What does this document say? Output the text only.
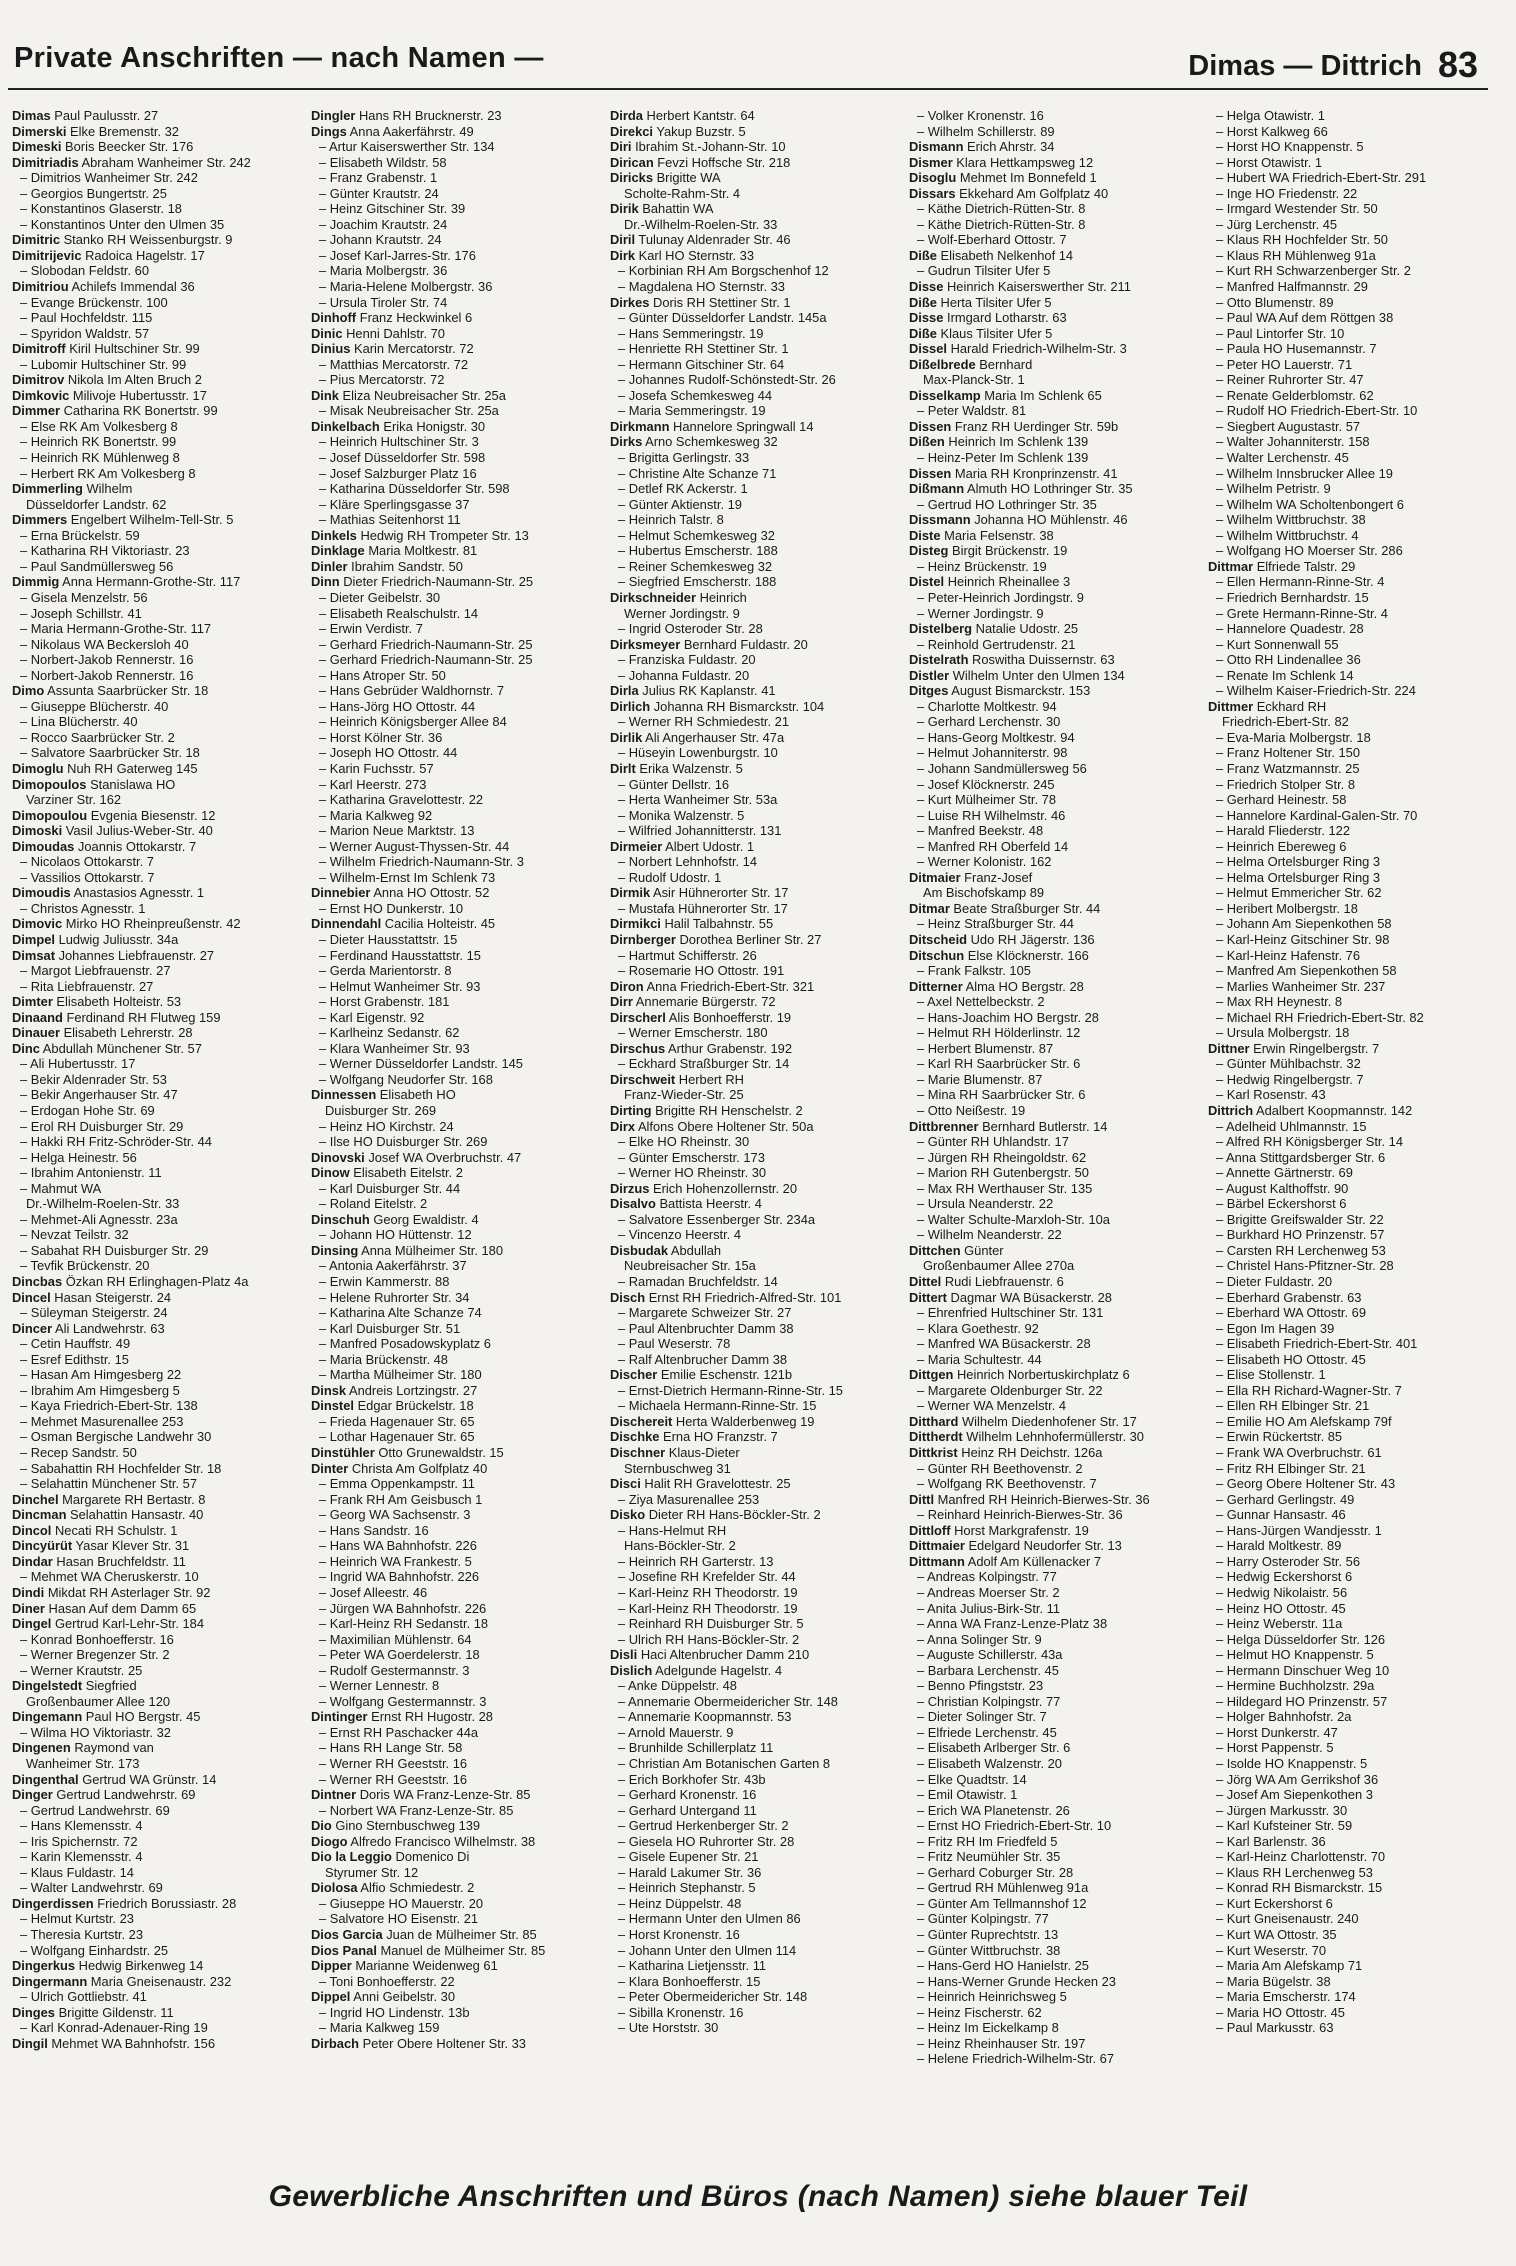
Private Anschriften — nach Namen —	Dimas — Dittrich 83
Dimas Paul Paulusstr. 27
Dimerski Elke Bremenstr. 32
Dimeski Boris Beecker Str. 176
Dimitriadis Abraham Wanheimer Str. 242
– Dimitrios Wanheimer Str. 242
– Georgios Bungertstr. 25
– Konstantinos Glaserstr. 18
– Konstantinos Unter den Ulmen 35
Dimitric Stanko RH Weissenburgstr. 9
Dimitrijevic Radoica Hagelstr. 17
– Slobodan Feldstr. 60
Dimitriou Achilefs Immendal 36
– Evange Brückenstr. 100
– Paul Hochfeldstr. 115
– Spyridon Waldstr. 57
Dimitroff Kiril Hultschiner Str. 99
– Lubomir Hultschiner Str. 99
Dimitrov Nikola Im Alten Bruch 2
Dimkovic Milivoje Hubertusstr. 17
Dimmer Catharina RK Bonertstr. 99
– Else RK Am Volkesberg 8
– Heinrich RK Bonertstr. 99
– Heinrich RK Mühlenweg 8
– Herbert RK Am Volkesberg 8
Dimmerling Wilhelm
Düsseldorfer Landstr. 62
Dimmers Engelbert Wilhelm-Tell-Str. 5
– Erna Brückelstr. 59
– Katharina RH Viktoriastr. 23
– Paul Sandmüllersweg 56
Dimmig Anna Hermann-Grothe-Str. 117
– Gisela Menzelstr. 56
– Joseph Schillstr. 41
– Maria Hermann-Grothe-Str. 117
– Nikolaus WA Beckersloh 40
– Norbert-Jakob Rennerstr. 16
– Norbert-Jakob Rennerstr. 16
Dimo Assunta Saarbrücker Str. 18
– Giuseppe Blücherstr. 40
– Lina Blücherstr. 40
– Rocco Saarbrücker Str. 2
– Salvatore Saarbrücker Str. 18
Dimoglu Nuh RH Gaterweg 145
Dimopoulos Stanislawa HO
Varziner Str. 162
Dimopoulou Evgenia Biesenstr. 12
Dimoski Vasil Julius-Weber-Str. 40
Dimoudas Joannis Ottokarstr. 7
– Nicolaos Ottokarstr. 7
– Vassilios Ottokarstr. 7
Dimoudis Anastasios Agnesstr. 1
– Christos Agnesstr. 1
Dimovic Mirko HO Rheinpreußenstr. 42
Dimpel Ludwig Juliusstr. 34a
Dimsat Johannes Liebfrauenstr. 27
– Margot Liebfrauenstr. 27
– Rita Liebfrauenstr. 27
Dimter Elisabeth Holteistr. 53
Dinaand Ferdinand RH Flutweg 159
Dinauer Elisabeth Lehrerstr. 28
Dinc Abdullah Münchener Str. 57
– Ali Hubertusstr. 17
– Bekir Aldenrader Str. 53
– Bekir Angerhauser Str. 47
– Erdogan Hohe Str. 69
– Erol RH Duisburger Str. 29
– Hakki RH Fritz-Schröder-Str. 44
– Helga Heinestr. 56
– Ibrahim Antonienstr. 11
– Mahmut WA
Dr.-Wilhelm-Roelen-Str. 33
– Mehmet-Ali Agnesstr. 23a
– Nevzat Teilstr. 32
– Sabahat RH Duisburger Str. 29
– Tevfik Brückenstr. 20
Dincbas Özkan RH Erlinghagen-Platz 4a
Dincel Hasan Steigerstr. 24
– Süleyman Steigerstr. 24
Dincer Ali Landwehrstr. 63
– Cetin Hauffstr. 49
– Esref Edithstr. 15
– Hasan Am Himgesberg 22
– Ibrahim Am Himgesberg 5
– Kaya Friedrich-Ebert-Str. 138
– Mehmet Masurenallee 253
– Osman Bergische Landwehr 30
– Recep Sandstr. 50
– Sabahattin RH Hochfelder Str. 18
– Selahattin Münchener Str. 57
Dinchel Margarete RH Bertastr. 8
Dincman Selahattin Hansastr. 40
Dincol Necati RH Schulstr. 1
Dincyürüt Yasar Klever Str. 31
Dindar Hasan Bruchfeldstr. 11
– Mehmet WA Cheruskerstr. 10
Dindi Mikdat RH Asterlager Str. 92
Diner Hasan Auf dem Damm 65
Dingel Gertrud Karl-Lehr-Str. 184
– Konrad Bonhoefferstr. 16
– Werner Bregenzer Str. 2
– Werner Krautstr. 25
Dingelstedt Siegfried
Großenbaumer Allee 120
Dingemann Paul HO Bergstr. 45
– Wilma HO Viktoriastr. 32
Dingenen Raymond van
Wanheimer Str. 173
Dingenthal Gertrud WA Grünstr. 14
Dinger Gertrud Landwehrstr. 69
– Gertrud Landwehrstr. 69
– Hans Klemensstr. 4
– Iris Spichernstr. 72
– Karin Klemensstr. 4
– Klaus Fuldastr. 14
– Walter Landwehrstr. 69
Dingerdissen Friedrich Borussiastr. 28
– Helmut Kurtstr. 23
– Theresia Kurtstr. 23
– Wolfgang Einhardstr. 25
Dingerkus Hedwig Birkenweg 14
Dingermann Maria Gneisenaustr. 232
– Ulrich Gottliebstr. 41
Dinges Brigitte Gildenstr. 11
– Karl Konrad-Adenauer-Ring 19
Dingil Mehmet WA Bahnhofstr. 156
Dingler Hans RH Brucknerstr. 23
Dings Anna Aakerfährstr. 49
– Artur Kaiserswerther Str. 134
– Elisabeth Wildstr. 58
– Franz Grabenstr. 1
– Günter Krautstr. 24
– Heinz Gitschiner Str. 39
– Joachim Krautstr. 24
– Johann Krautstr. 24
– Josef Karl-Jarres-Str. 176
– Maria Molbergstr. 36
– Maria-Helene Molbergstr. 36
– Ursula Tiroler Str. 74
Dinhoff Franz Heckwinkel 6
Dinic Henni Dahlstr. 70
Dinius Karin Mercatorstr. 72
– Matthias Mercatorstr. 72
– Pius Mercatorstr. 72
Dink Eliza Neubreisacher Str. 25a
– Misak Neubreisacher Str. 25a
Dinkelbach Erika Honigstr. 30
– Heinrich Hultschiner Str. 3
– Josef Düsseldorfer Str. 598
– Josef Salzburger Platz 16
– Katharina Düsseldorfer Str. 598
– Kläre Sperlingsgasse 37
– Mathias Seitenhorst 11
Dinkels Hedwig RH Trompeter Str. 13
Dinklage Maria Moltkestr. 81
Dinler Ibrahim Sandstr. 50
Dinn Dieter Friedrich-Naumann-Str. 25
– Dieter Geibelstr. 30
– Elisabeth Realschulstr. 14
– Erwin Verdistr. 7
– Gerhard Friedrich-Naumann-Str. 25
– Gerhard Friedrich-Naumann-Str. 25
– Hans Atroper Str. 50
– Hans Gebrüder Waldhornstr. 7
– Hans-Jörg HO Ottostr. 44
– Heinrich Königsberger Allee 84
– Horst Kölner Str. 36
– Joseph HO Ottostr. 44
– Karin Fuchsstr. 57
– Karl Heerstr. 273
– Katharina Gravelottestr. 22
– Maria Kalkweg 92
– Marion Neue Marktstr. 13
– Werner August-Thyssen-Str. 44
– Wilhelm Friedrich-Naumann-Str. 3
– Wilhelm-Ernst Im Schlenk 73
Dinnebier Anna HO Ottostr. 52
– Ernst HO Dunkerstr. 10
Dinnendahl Cacilia Holteistr. 45
– Dieter Hausstattstr. 15
– Ferdinand Hausstattstr. 15
– Gerda Marientorstr. 8
– Helmut Wanheimer Str. 93
– Horst Grabenstr. 181
– Karl Eigenstr. 92
– Karlheinz Sedanstr. 62
– Klara Wanheimer Str. 93
– Werner Düsseldorfer Landstr. 145
– Wolfgang Neudorfer Str. 168
Dinnessen Elisabeth HO
Duisburger Str. 269
– Heinz HO Kirchstr. 24
– Ilse HO Duisburger Str. 269
Dinovski Josef WA Overbruchstr. 47
Dinow Elisabeth Eitelstr. 2
– Karl Duisburger Str. 44
– Roland Eitelstr. 2
Dinschuh Georg Ewaldistr. 4
– Johann HO Hüttenstr. 12
Dinsing Anna Mülheimer Str. 180
– Antonia Aakerfährstr. 37
– Erwin Kammerstr. 88
– Helene Ruhrorter Str. 34
– Katharina Alte Schanze 74
– Karl Duisburger Str. 51
– Manfred Posadowskyplatz 6
– Maria Brückenstr. 48
– Martha Mülheimer Str. 180
Dinsk Andreis Lortzingstr. 27
Dinstel Edgar Brückelstr. 18
– Frieda Hagenauer Str. 65
– Lothar Hagenauer Str. 65
Dinstühler Otto Grunewaldstr. 15
Dinter Christa Am Golfplatz 40
– Emma Oppenkampstr. 11
– Frank RH Am Geisbusch 1
– Georg WA Sachsenstr. 3
– Hans Sandstr. 16
– Hans WA Bahnhofstr. 226
– Heinrich WA Frankestr. 5
– Ingrid WA Bahnhofstr. 226
– Josef Alleestr. 46
– Jürgen WA Bahnhofstr. 226
– Karl-Heinz RH Sedanstr. 18
– Maximilian Mühlenstr. 64
– Peter WA Goerdelerstr. 18
– Rudolf Gestermannstr. 3
– Werner Lennestr. 8
– Wolfgang Gestermannstr. 3
Dintinger Ernst RH Hugostr. 28
– Ernst RH Paschacker 44a
– Hans RH Lange Str. 58
– Werner RH Geeststr. 16
– Werner RH Geeststr. 16
Dintner Doris WA Franz-Lenze-Str. 85
– Norbert WA Franz-Lenze-Str. 85
Dio Gino Sternbuschweg 139
Diogo Alfredo Francisco Wilhelmstr. 38
Dio la Leggio Domenico Di
Styrumer Str. 12
Diolosa Alfio Schmiedestr. 2
– Giuseppe HO Mauerstr. 20
– Salvatore HO Eisenstr. 21
Dios Garcia Juan de Mülheimer Str. 85
Dios Panal Manuel de Mülheimer Str. 85
Dipper Marianne Weidenweg 61
– Toni Bonhoefferstr. 22
Dippel Anni Geibelstr. 30
– Ingrid HO Lindenstr. 13b
– Maria Kalkweg 159
Dirbach Peter Obere Holtener Str. 33
Dirda Herbert Kantstr. 64
Direkci Yakup Buzstr. 5
Diri Ibrahim St.-Johann-Str. 10
Dirican Fevzi Hoffsche Str. 218
Diricks Brigitte WA
Scholte-Rahm-Str. 4
Dirik Bahattin WA
Dr.-Wilhelm-Roelen-Str. 33
Diril Tulunay Aldenrader Str. 46
Dirk Karl HO Sternstr. 33
– Korbinian RH Am Borgschenhof 12
– Magdalena HO Sternstr. 33
Dirkes Doris RH Stettiner Str. 1
– Günter Düsseldorfer Landstr. 145a
– Hans Semmeringstr. 19
– Henriette RH Stettiner Str. 1
– Hermann Gitschiner Str. 64
– Johannes Rudolf-Schönstedt-Str. 26
– Josefa Schemkesweg 44
– Maria Semmeringstr. 19
Dirkmann Hannelore Springwall 14
Dirks Arno Schemkesweg 32
– Brigitta Gerlingstr. 33
– Christine Alte Schanze 71
– Detlef RK Ackerstr. 1
– Günter Aktienstr. 19
– Heinrich Talstr. 8
– Helmut Schemkesweg 32
– Hubertus Emscherstr. 188
– Reiner Schemkesweg 32
– Siegfried Emscherstr. 188
Dirkschneider Heinrich
Werner Jordingstr. 9
– Ingrid Osteroder Str. 28
Dirksmeyer Bernhard Fuldastr. 20
– Franziska Fuldastr. 20
– Johanna Fuldastr. 20
Dirla Julius RK Kaplanstr. 41
Dirlich Johanna RH Bismarckstr. 104
– Werner RH Schmiedestr. 21
Dirlik Ali Angerhauser Str. 47a
– Hüseyin Lowenburgstr. 10
Dirlt Erika Walzenstr. 5
– Günter Dellstr. 16
– Herta Wanheimer Str. 53a
– Monika Walzenstr. 5
– Wilfried Johannitterstr. 131
Dirmeier Albert Udostr. 1
– Norbert Lehnhofstr. 14
– Rudolf Udostr. 1
Dirmik Asir Hühnerorter Str. 17
– Mustafa Hühnerorter Str. 17
Dirmikci Halil Talbahnstr. 55
Dirnberger Dorothea Berliner Str. 27
– Hartmut Schifferstr. 26
– Rosemarie HO Ottostr. 191
Diron Anna Friedrich-Ebert-Str. 321
Dirr Annemarie Bürgerstr. 72
Dirscherl Alis Bonhoefferstr. 19
– Werner Emscherstr. 180
Dirschus Arthur Grabenstr. 192
– Eckhard Straßburger Str. 14
Dirschweit Herbert RH
Franz-Wieder-Str. 25
Dirting Brigitte RH Henschelstr. 2
Dirx Alfons Obere Holtener Str. 50a
– Elke HO Rheinstr. 30
– Günter Emscherstr. 173
– Werner HO Rheinstr. 30
Dirzus Erich Hohenzollernstr. 20
Disalvo Battista Heerstr. 4
– Salvatore Essenberger Str. 234a
– Vincenzo Heerstr. 4
Disbudak Abdullah
Neubreisacher Str. 15a
– Ramadan Bruchfeldstr. 14
Disch Ernst RH Friedrich-Alfred-Str. 101
– Margarete Schweizer Str. 27
– Paul Altenbruchter Damm 38
– Paul Weserstr. 78
– Ralf Altenbrucher Damm 38
Discher Emilie Eschenstr. 121b
– Ernst-Dietrich Hermann-Rinne-Str. 15
– Michaela Hermann-Rinne-Str. 15
Dischereit Herta Walderbenweg 19
Dischke Erna HO Franzstr. 7
Dischner Klaus-Dieter
Sternbuschweg 31
Disci Halit RH Gravelottestr. 25
– Ziya Masurenallee 253
Disko Dieter RH Hans-Böckler-Str. 2
– Hans-Helmut RH
Hans-Böckler-Str. 2
– Heinrich RH Garterstr. 13
– Josefine RH Krefelder Str. 44
– Karl-Heinz RH Theodorstr. 19
– Karl-Heinz RH Theodorstr. 19
– Reinhard RH Duisburger Str. 5
– Ulrich RH Hans-Böckler-Str. 2
Disli Haci Altenbrucher Damm 210
Dislich Adelgunde Hagelstr. 4
– Anke Düppelstr. 48
– Annemarie Obermeidericher Str. 148
– Annemarie Koopmannstr. 53
– Arnold Mauerstr. 9
– Brunhilde Schillerplatz 11
– Christian Am Botanischen Garten 8
– Erich Borkhofer Str. 43b
– Gerhard Kronenstr. 16
– Gerhard Untergand 11
– Gertrud Herkenberger Str. 2
– Giesela HO Ruhrorter Str. 28
– Gisele Eupener Str. 21
– Harald Lakumer Str. 36
– Heinrich Stephanstr. 5
– Heinz Düppelstr. 48
– Hermann Unter den Ulmen 86
– Horst Kronenstr. 16
– Johann Unter den Ulmen 114
– Katharina Lietjensstr. 11
– Klara Bonhoefferstr. 15
– Peter Obermeidericher Str. 148
– Sibilla Kronenstr. 16
– Ute Horststr. 30
– Volker Kronenstr. 16
– Wilhelm Schillerstr. 89
Dismann Erich Ahrstr. 34
Dismer Klara Hettkampsweg 12
Disoglu Mehmet Im Bonnefeld 1
Dissars Ekkehard Am Golfplatz 40
– Käthe Dietrich-Rütten-Str. 8
– Käthe Dietrich-Rütten-Str. 8
– Wolf-Eberhard Ottostr. 7
Diße Elisabeth Nelkenhof 14
– Gudrun Tilsiter Ufer 5
Disse Heinrich Kaiserswerther Str. 211
Diße Herta Tilsiter Ufer 5
Disse Irmgard Lotharstr. 63
Diße Klaus Tilsiter Ufer 5
Dissel Harald Friedrich-Wilhelm-Str. 3
Dißelbrede Bernhard
Max-Planck-Str. 1
Disselkamp Maria Im Schlenk 65
– Peter Waldstr. 81
Dissen Franz RH Uerdinger Str. 59b
Dißen Heinrich Im Schlenk 139
– Heinz-Peter Im Schlenk 139
Dissen Maria RH Kronprinzenstr. 41
Dißmann Almuth HO Lothringer Str. 35
– Gertrud HO Lothringer Str. 35
Dissmann Johanna HO Mühlenstr. 46
Diste Maria Felsenstr. 38
Disteg Birgit Brückenstr. 19
– Heinz Brückenstr. 19
Distel Heinrich Rheinallee 3
– Peter-Heinrich Jordingstr. 9
– Werner Jordingstr. 9
Distelberg Natalie Udostr. 25
– Reinhold Gertrudenstr. 21
Distelrath Roswitha Duissernstr. 63
Distler Wilhelm Unter den Ulmen 134
Ditges August Bismarckstr. 153
– Charlotte Moltkestr. 94
– Gerhard Lerchenstr. 30
– Hans-Georg Moltkestr. 94
– Helmut Johanniterstr. 98
– Johann Sandmüllersweg 56
– Josef Klöcknerstr. 245
– Kurt Mülheimer Str. 78
– Luise RH Wilhelmstr. 46
– Manfred Beekstr. 48
– Manfred RH Oberfeld 14
– Werner Kolonistr. 162
Ditmaier Franz-Josef
Am Bischofskamp 89
Ditmar Beate Straßburger Str. 44
– Heinz Straßburger Str. 44
Ditscheid Udo RH Jägerstr. 136
Ditschun Else Klöcknerstr. 166
– Frank Falkstr. 105
Ditterner Alma HO Bergstr. 28
– Axel Nettelbeckstr. 2
– Hans-Joachim HO Bergstr. 28
– Helmut RH Hölderlinstr. 12
– Herbert Blumenstr. 87
– Karl RH Saarbrücker Str. 6
– Marie Blumenstr. 87
– Mina RH Saarbrücker Str. 6
– Otto Neißestr. 19
Dittbrenner Bernhard Butlerstr. 14
– Günter RH Uhlandstr. 17
– Jürgen RH Rheingoldstr. 62
– Marion RH Gutenbergstr. 50
– Max RH Werthauser Str. 135
– Ursula Neanderstr. 22
– Walter Schulte-Marxloh-Str. 10a
– Wilhelm Neanderstr. 22
Dittchen Günter
Großenbaumer Allee 270a
Dittel Rudi Liebfrauenstr. 6
Dittert Dagmar WA Büsackerstr. 28
– Ehrenfried Hultschiner Str. 131
– Klara Goethestr. 92
– Manfred WA Büsackerstr. 28
– Maria Schultestr. 44
Dittgen Heinrich Norbertuskirchplatz 6
– Margarete Oldenburger Str. 22
– Werner WA Menzelstr. 4
Ditthard Wilhelm Diedenhofener Str. 17
Dittherdt Wilhelm Lehnhofermüllerstr. 30
Dittkrist Heinz RH Deichstr. 126a
– Günter RH Beethovenstr. 2
– Wolfgang RK Beethovenstr. 7
Dittl Manfred RH Heinrich-Bierwes-Str. 36
– Reinhard Heinrich-Bierwes-Str. 36
Dittloff Horst Markgrafenstr. 19
Dittmaier Edelgard Neudorfer Str. 13
Dittmann Adolf Am Küllenacker 7
– Andreas Kolpingstr. 77
– Andreas Moerser Str. 2
– Anita Julius-Birk-Str. 11
– Anna WA Franz-Lenze-Platz 38
– Anna Solinger Str. 9
– Auguste Schillerstr. 43a
– Barbara Lerchenstr. 45
– Benno Pfingststr. 23
– Christian Kolpingstr. 77
– Dieter Solinger Str. 7
– Elfriede Lerchenstr. 45
– Elisabeth Arlberger Str. 6
– Elisabeth Walzenstr. 20
– Elke Quadtstr. 14
– Emil Otawistr. 1
– Erich WA Planetenstr. 26
– Ernst HO Friedrich-Ebert-Str. 10
– Fritz RH Im Friedfeld 5
– Fritz Neumühler Str. 35
– Gerhard Coburger Str. 28
– Gertrud RH Mühlenweg 91a
– Günter Am Tellmannshof 12
– Günter Kolpingstr. 77
– Günter Ruprechtstr. 13
– Günter Wittbruchstr. 38
– Hans-Gerd HO Hanielstr. 25
– Hans-Werner Grunde Hecken 23
– Heinrich Heinrichsweg 5
– Heinz Fischerstr. 62
– Heinz Im Eickelkamp 8
– Heinz Rheinhauser Str. 197
– Helene Friedrich-Wilhelm-Str. 67
– Helga Otawistr. 1
– Horst Kalkweg 66
– Horst HO Knappenstr. 5
– Horst Otawistr. 1
– Hubert WA Friedrich-Ebert-Str. 291
– Inge HO Friedenstr. 22
– Irmgard Westender Str. 50
– Jürg Lerchenstr. 45
– Klaus RH Hochfelder Str. 50
– Klaus RH Mühlenweg 91a
– Kurt RH Schwarzenberger Str. 2
– Manfred Halfmannstr. 29
– Otto Blumenstr. 89
– Paul WA Auf dem Röttgen 38
– Paul Lintorfer Str. 10
– Paula HO Husemannstr. 7
– Peter HO Lauerstr. 71
– Reiner Ruhrorter Str. 47
– Renate Gelderblomstr. 62
– Rudolf HO Friedrich-Ebert-Str. 10
– Siegbert Augustastr. 57
– Walter Johanniterstr. 158
– Walter Lerchenstr. 45
– Wilhelm Innsbrucker Allee 19
– Wilhelm Petristr. 9
– Wilhelm WA Scholtenbongert 6
– Wilhelm Wittbruchstr. 38
– Wilhelm Wittbruchstr. 4
– Wolfgang HO Moerser Str. 286
Dittmar Elfriede Talstr. 29
– Ellen Hermann-Rinne-Str. 4
– Friedrich Bernhardstr. 15
– Grete Hermann-Rinne-Str. 4
– Hannelore Quadestr. 28
– Kurt Sonnenwall 55
– Otto RH Lindenallee 36
– Renate Im Schlenk 14
– Wilhelm Kaiser-Friedrich-Str. 224
Dittmer Eckhard RH
Friedrich-Ebert-Str. 82
– Eva-Maria Molbergstr. 18
– Franz Holtener Str. 150
– Franz Watzmannstr. 25
– Friedrich Stolper Str. 8
– Gerhard Heinestr. 58
– Hannelore Kardinal-Galen-Str. 70
– Harald Fliederstr. 122
– Heinrich Ebereweg 6
– Helma Ortelsburger Ring 3
– Helma Ortelsburger Ring 3
– Helmut Emmericher Str. 62
– Heribert Molbergstr. 18
– Johann Am Siepenkothen 58
– Karl-Heinz Gitschiner Str. 98
– Karl-Heinz Hafenstr. 76
– Manfred Am Siepenkothen 58
– Marlies Wanheimer Str. 237
– Max RH Heynestr. 8
– Michael RH Friedrich-Ebert-Str. 82
– Ursula Molbergstr. 18
Dittner Erwin Ringelbergstr. 7
– Günter Mühlbachstr. 32
– Hedwig Ringelbergstr. 7
– Karl Rosenstr. 43
Dittrich Adalbert Koopmannstr. 142
– Adelheid Uhlmannstr. 15
– Alfred RH Königsberger Str. 14
– Anna Stittgardsberger Str. 6
– Annette Gärtnerstr. 69
– August Kalthoffstr. 90
– Bärbel Eckershorst 6
– Brigitte Greifswalder Str. 22
– Burkhard HO Prinzenstr. 57
– Carsten RH Lerchenweg 53
– Christel Hans-Pfitzner-Str. 28
– Dieter Fuldastr. 20
– Eberhard Grabenstr. 63
– Eberhard WA Ottostr. 69
– Egon Im Hagen 39
– Elisabeth Friedrich-Ebert-Str. 401
– Elisabeth HO Ottostr. 45
– Elise Stollenstr. 1
– Ella RH Richard-Wagner-Str. 7
– Ellen RH Elbinger Str. 21
– Emilie HO Am Alefskamp 79f
– Erwin Rückertstr. 85
– Frank WA Overbruchstr. 61
– Fritz RH Elbinger Str. 21
– Georg Obere Holtener Str. 43
– Gerhard Gerlingstr. 49
– Gunnar Hansastr. 46
– Hans-Jürgen Wandjesstr. 1
– Harald Moltkestr. 89
– Harry Osteroder Str. 56
– Hedwig Eckershorst 6
– Hedwig Nikolaistr. 56
– Heinz HO Ottostr. 45
– Heinz Weberstr. 11a
– Helga Düsseldorfer Str. 126
– Helmut HO Knappenstr. 5
– Hermann Dinschuer Weg 10
– Hermine Buchholzstr. 29a
– Hildegard HO Prinzenstr. 57
– Holger Bahnhofstr. 2a
– Horst Dunkerstr. 47
– Horst Pappenstr. 5
– Isolde HO Knappenstr. 5
– Jörg WA Am Gerrikshof 36
– Josef Am Siepenkothen 3
– Jürgen Markusstr. 30
– Karl Kufsteiner Str. 59
– Karl Barlenstr. 36
– Karl-Heinz Charlottenstr. 70
– Klaus RH Lerchenweg 53
– Konrad RH Bismarckstr. 15
– Kurt Eckershorst 6
– Kurt Gneisenaustr. 240
– Kurt WA Ottostr. 35
– Kurt Weserstr. 70
– Maria Am Alefskamp 71
– Maria Bügelstr. 38
– Maria Emscherstr. 174
– Maria HO Ottostr. 45
– Paul Markusstr. 63
Gewerbliche Anschriften und Büros (nach Namen) siehe blauer Teil
